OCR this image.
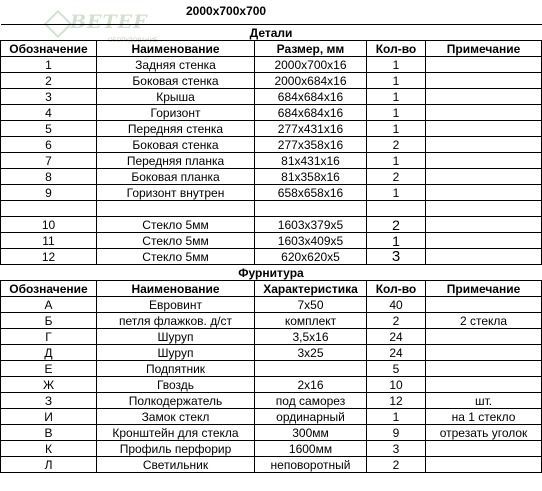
2000x700x700
BETEF
ОБОРУДОВАНИЕ
Детали				
Обозначение	Наименование	Размер, мм	Кол-во	Примечание
1	Задняя стенка	2000x700x16	1	
2	Боковая стенка	2000x684x16	1	
3	Крыша	684x684x16	1	
4	Горизонт	684x684x16	1	
5	Передняя стенка	277x431x16	1	
6	Боковая стенка	277x358x16	2	
7	Передняя планка	81x431x16	1	
8	Боковая планка	81x358x16	2	
9	Горизонт внутрен	658x658x16	1	

10	Стекло 5мм	1603x379x5	2	
11	Стекло 5мм	1603x409x5	1	
12	Стекло 5мм	620x620x5	3	
Фурнитура				
Обозначение	Наименование	Характеристика	Кол-во	Примечание
А	Евровинт	7x50	40	
Б	петля флажков. д/ст	комплект	2	2 стекла
Г	Шуруп	3,5x16	24	
Д	Шуруп	3x25	24	
Е	Подпятник		5	
Ж	Гвоздь	2x16	10	
З	Полкодержатель	под саморез	12	шт.
И	Замок стекл	ординарный	1	на 1 стекло
В	Кронштейн для стекла	300мм	9	отрезать уголок
К	Профиль перфорир	1600мм	3	
Л	Светильник	неповоротный	2	
